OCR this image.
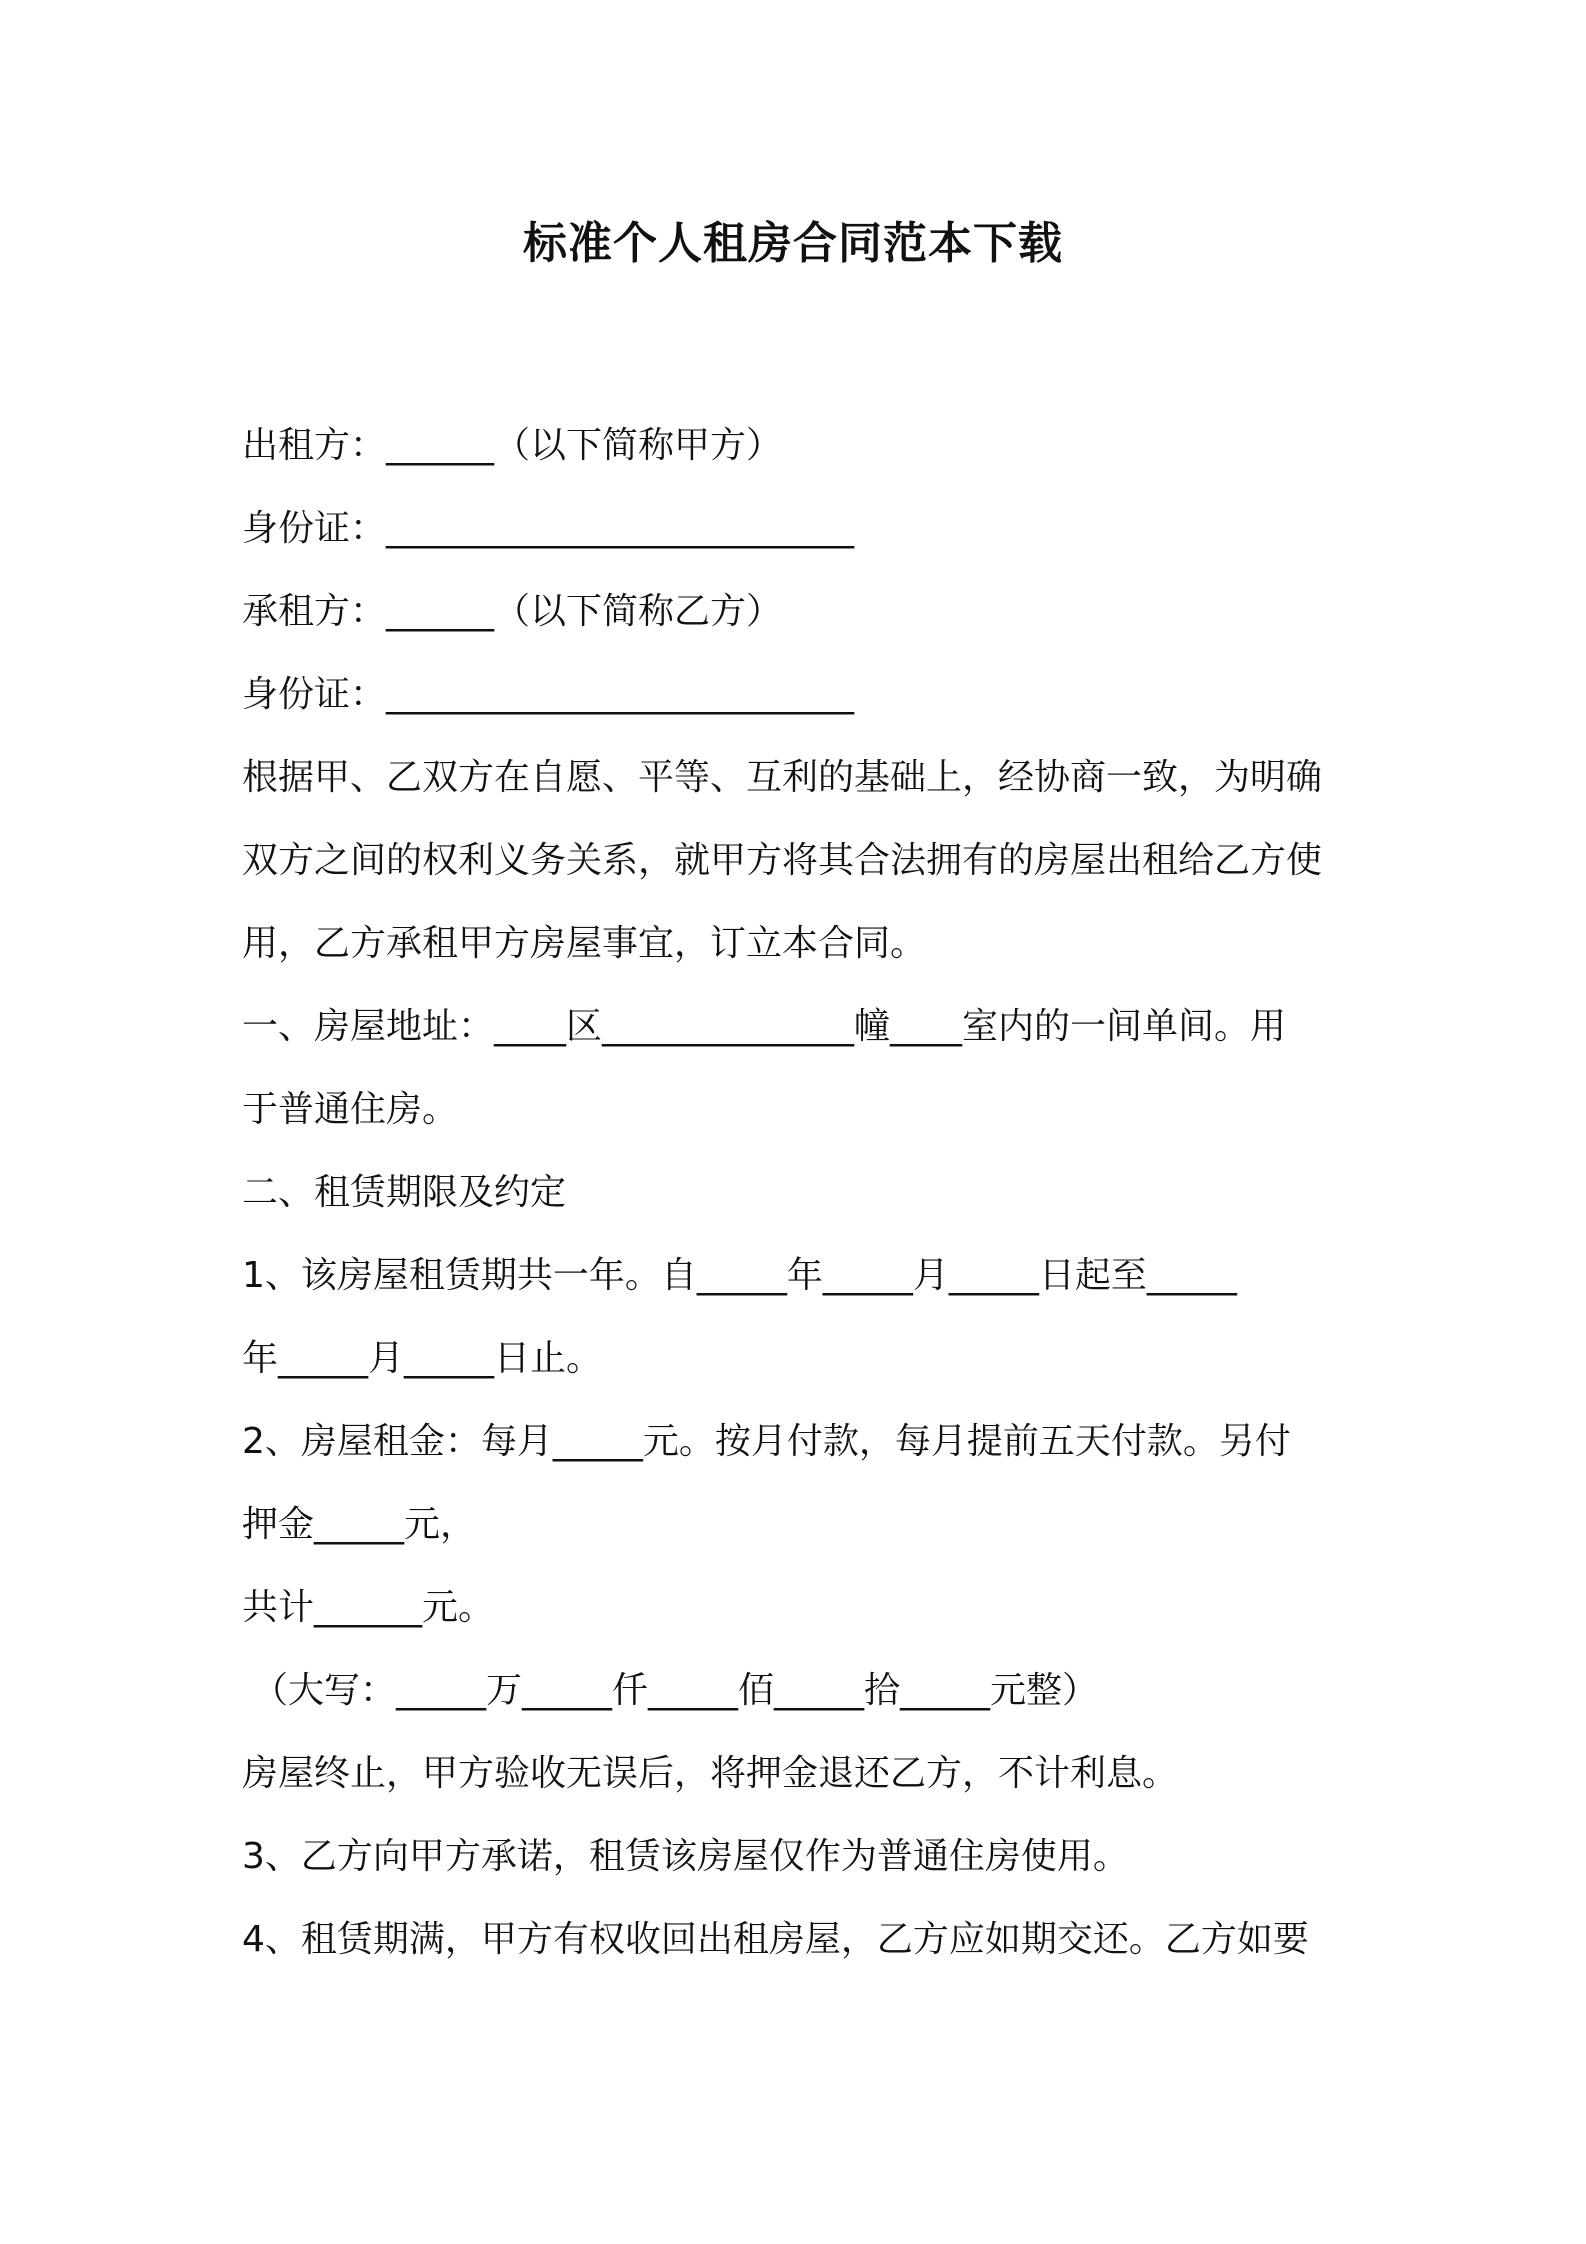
标准个人租房合同范本下载
出租方：______（以下简称甲方）
身份证：__________________________
承租方：______（以下简称乙方）
身份证：__________________________
根据甲、乙双方在自愿、平等、互利的基础上，经协商一致，为明确
双方之间的权利义务关系，就甲方将其合法拥有的房屋出租给乙方使
用，乙方承租甲方房屋事宜，订立本合同。
一、房屋地址：____区______________幢____室内的一间单间。用
于普通住房。
二、租赁期限及约定
1、该房屋租赁期共一年。自_____年_____月_____日起至_____
年_____月_____日止。
2、房屋租金：每月_____元。按月付款，每月提前五天付款。另付
押金_____元，
共计______元。
（大写：_____万_____仟_____佰_____拾_____元整）
房屋终止，甲方验收无误后，将押金退还乙方，不计利息。
3、乙方向甲方承诺，租赁该房屋仅作为普通住房使用。
4、租赁期满，甲方有权收回出租房屋，乙方应如期交还。乙方如要
